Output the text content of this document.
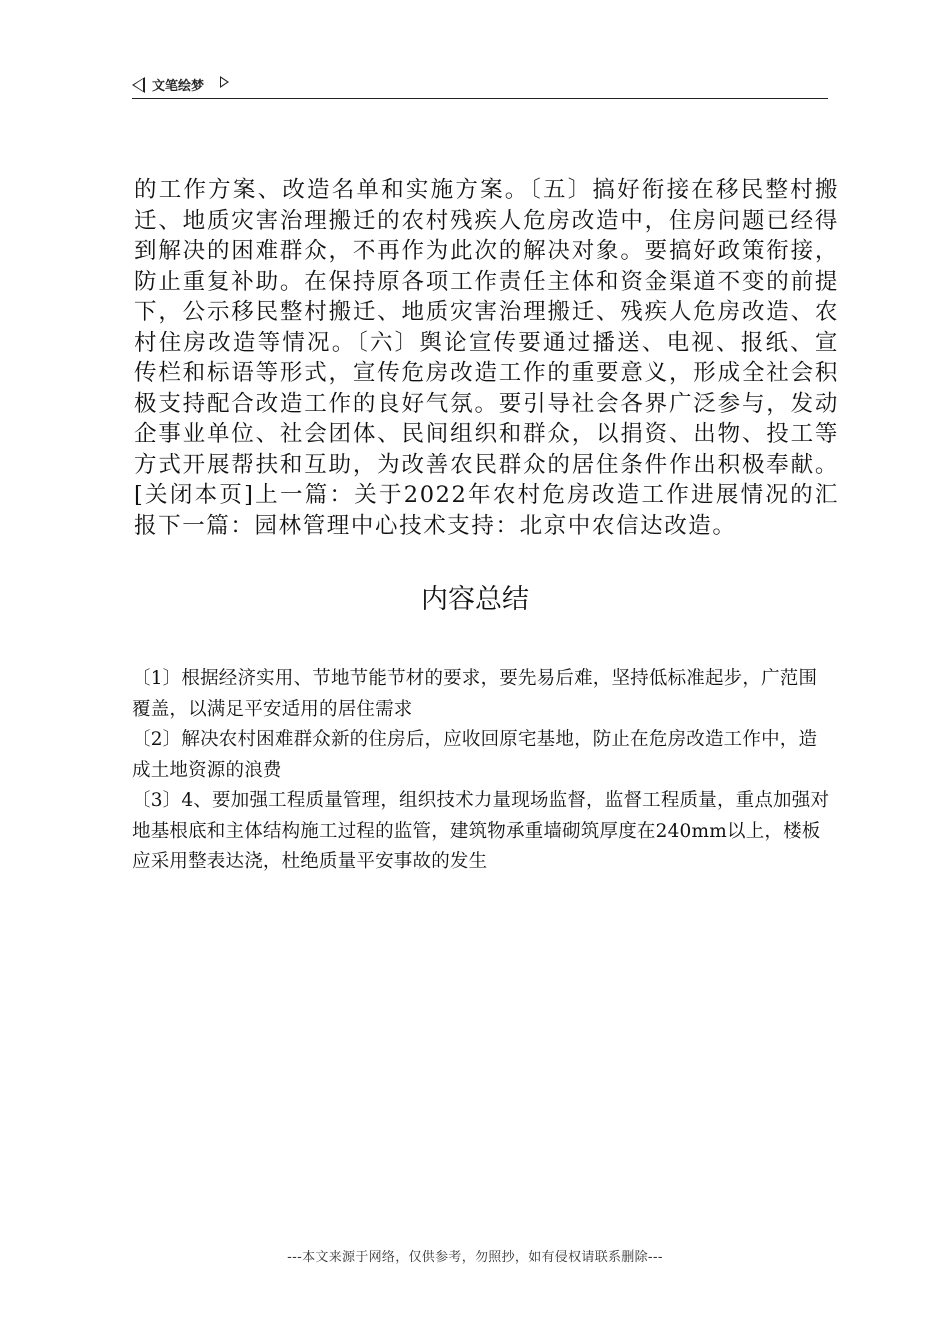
文笔绘梦

的工作方案、改造名单和实施方案。〔五〕搞好衔接在移民整村搬迁、地质灾害治理搬迁的农村残疾人危房改造中，住房问题已经得到解决的困难群众，不再作为此次的解决对象。要搞好政策衔接，防止重复补助。在保持原各项工作责任主体和资金渠道不变的前提下，公示移民整村搬迁、地质灾害治理搬迁、残疾人危房改造、农村住房改造等情况。〔六〕舆论宣传要通过播送、电视、报纸、宣传栏和标语等形式，宣传危房改造工作的重要意义，形成全社会积极支持配合改造工作的良好气氛。要引导社会各界广泛参与，发动企事业单位、社会团体、民间组织和群众，以捐资、出物、投工等方式开展帮扶和互助，为改善农民群众的居住条件作出积极奉献。[关闭本页]上一篇：关于2022年农村危房改造工作进展情况的汇报下一篇：园林管理中心技术支持：北京中农信达改造。

内容总结
〔1〕根据经济实用、节地节能节材的要求，要先易后难，坚持低标准起步，广范围覆盖，以满足平安适用的居住需求
〔2〕解决农村困难群众新的住房后，应收回原宅基地，防止在危房改造工作中，造成土地资源的浪费
〔3〕4、要加强工程质量管理，组织技术力量现场监督，监督工程质量，重点加强对地基根底和主体结构施工过程的监管，建筑物承重墙砌筑厚度在240mm以上，楼板应采用整表达浇，杜绝质量平安事故的发生
---本文来源于网络，仅供参考，勿照抄，如有侵权请联系删除---
